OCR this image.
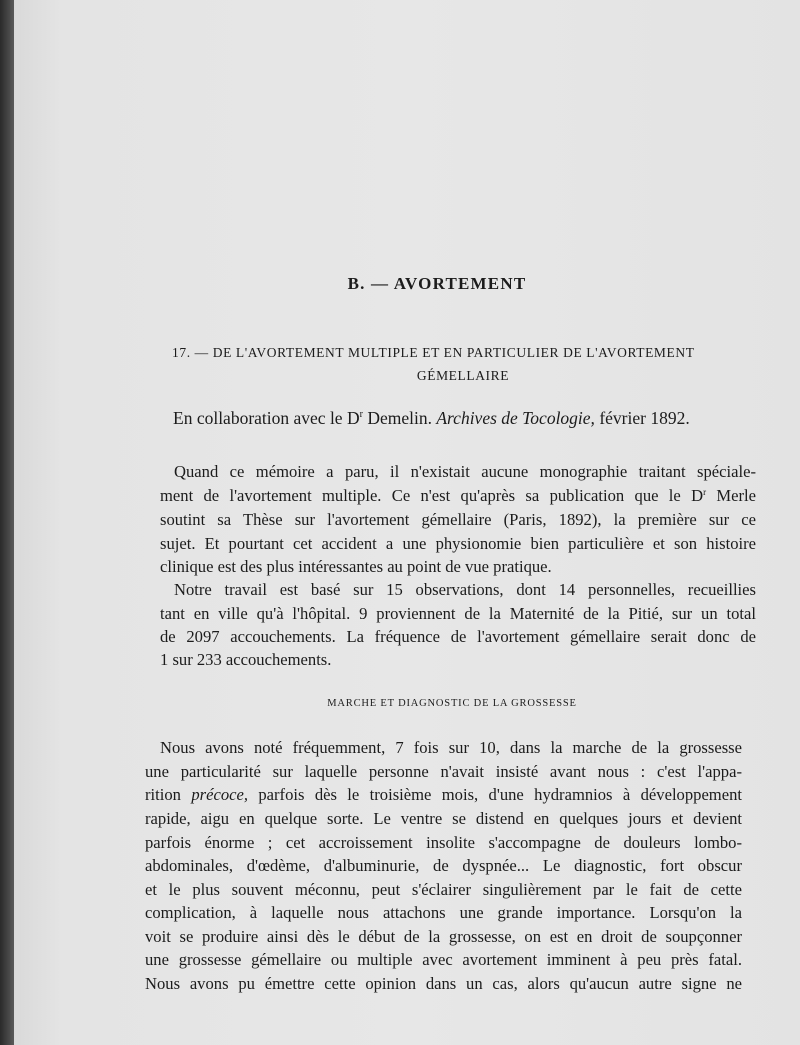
B. — AVORTEMENT
17. — DE L'AVORTEMENT MULTIPLE ET EN PARTICULIER DE L'AVORTEMENT
GÉMELLAIRE
En collaboration avec le $D^r$ Demelin. Archives de Tocologie, février 1892.
Quand ce mémoire a paru, il n'existait aucune monographie traitant spéciale-
ment de l'avortement multiple. Ce n'est qu'après sa publication que le $D^r$ Merle
soutint sa Thèse sur l'avortement gémellaire (Paris, 1892), la première sur ce
sujet. Et pourtant cet accident a une physionomie bien particulière et son histoire
clinique est des plus intéressantes au point de vue pratique.
Notre travail est basé sur 15 observations, dont 14 personnelles, recueillies
tant en ville qu'à l'hôpital. 9 proviennent de la Maternité de la Pitié, sur un total
de 2097 accouchements. La fréquence de l'avortement gémellaire serait donc de
1 sur 233 accouchements.
MARCHE ET DIAGNOSTIC DE LA GROSSESSE
Nous avons noté fréquemment, 7 fois sur 10, dans la marche de la grossesse
une particularité sur laquelle personne n'avait insisté avant nous : c'est l'appa-
rition précoce, parfois dès le troisième mois, d'une hydramnios à développement
rapide, aigu en quelque sorte. Le ventre se distend en quelques jours et devient
parfois énorme ; cet accroissement insolite s'accompagne de douleurs lombo-
abdominales, d'œdème, d'albuminurie, de dyspnée... Le diagnostic, fort obscur
et le plus souvent méconnu, peut s'éclairer singulièrement par le fait de cette
complication, à laquelle nous attachons une grande importance. Lorsqu'on la
voit se produire ainsi dès le début de la grossesse, on est en droit de soupçonner
une grossesse gémellaire ou multiple avec avortement imminent à peu près fatal.
Nous avons pu émettre cette opinion dans un cas, alors qu'aucun autre signe ne
